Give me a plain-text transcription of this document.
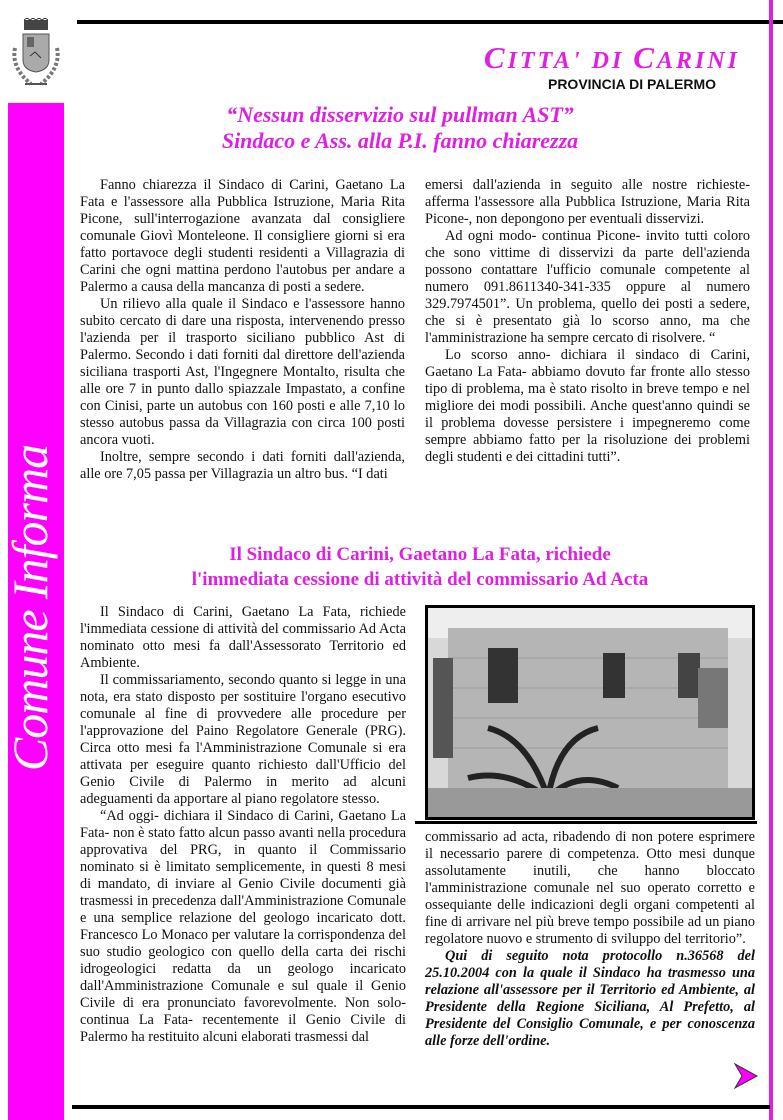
Comune Informa
CITTA' DI CARINI
PROVINCIA DI PALERMO
“Nessun disservizio sul pullman AST”
Sindaco e Ass. alla P.I. fanno chiarezza

Fanno chiarezza il Sindaco di Carini, Gaetano La Fata e l'assessore alla Pubblica Istruzione, Maria Rita Picone, sull'interrogazione avanzata dal consigliere comunale Giovì Monteleone. Il consigliere giorni si era fatto portavoce degli studenti residenti a Villagrazia di Carini che ogni mattina perdono l'autobus per andare a Palermo a causa della mancanza di posti a sedere.

Un rilievo alla quale il Sindaco e l'assessore hanno subito cercato di dare una risposta, intervenendo presso l'azienda per il trasporto siciliano pubblico Ast di Palermo. Secondo i dati forniti dal direttore dell'azienda siciliana trasporti Ast, l'Ingegnere Montalto, risulta che alle ore 7 in punto dallo spiazzale Impastato, a confine con Cinisi, parte un autobus con 160 posti e alle 7,10 lo stesso autobus passa da Villagrazia con circa 100 posti ancora vuoti.

Inoltre, sempre secondo i dati forniti dall'azienda, alle ore 7,05 passa per Villagrazia un altro bus. “I dati

emersi dall'azienda in seguito alle nostre richieste- afferma l'assessore alla Pubblica Istruzione, Maria Rita Picone-, non depongono per eventuali disservizi.

Ad ogni modo- continua Picone- invito tutti coloro che sono vittime di disservizi da parte dell'azienda possono contattare l'ufficio comunale competente al numero 091.8611340-341-335 oppure al numero 329.7974501”. Un problema, quello dei posti a sedere, che si è presentato già lo scorso anno, ma che l'amministrazione ha sempre cercato di risolvere. “

Lo scorso anno- dichiara il sindaco di Carini, Gaetano La Fata- abbiamo dovuto far fronte allo stesso tipo di problema, ma è stato risolto in breve tempo e nel migliore dei modi possibili. Anche quest'anno quindi se il problema dovesse persistere i impegneremo come sempre abbiamo fatto per la risoluzione dei problemi degli studenti e dei cittadini tutti”.

Il Sindaco di Carini, Gaetano La Fata, richiede
l'immediata cessione di attività del commissario Ad Acta

Il Sindaco di Carini, Gaetano La Fata, richiede l'immediata cessione di attività del commissario Ad Acta nominato otto mesi fa dall'Assessorato Territorio ed Ambiente.

Il commissariamento, secondo quanto si legge in una nota, era stato disposto per sostituire l'organo esecutivo comunale al fine di provvedere alle procedure per l'approvazione del Paino Regolatore Generale (PRG). Circa otto mesi fa l'Amministrazione Comunale si era attivata per eseguire quanto richiesto dall'Ufficio del Genio Civile di Palermo in merito ad alcuni adeguamenti da apportare al piano regolatore stesso.

“Ad oggi- dichiara il Sindaco di Carini, Gaetano La Fata- non è stato fatto alcun passo avanti nella procedura approvativa del PRG, in quanto il Commissario nominato si è limitato semplicemente, in questi 8 mesi di mandato, di inviare al Genio Civile documenti già trasmessi in precedenza dall'Amministrazione Comunale e una semplice relazione del geologo incaricato dott. Francesco Lo Monaco per valutare la corrispondenza del suo studio geologico con quello della carta dei rischi idrogeologici redatta da un geologo incaricato dall'Amministrazione Comunale e sul quale il Genio Civile di era pronunciato favorevolmente. Non solo- continua La Fata- recentemente il Genio Civile di Palermo ha restituito alcuni elaborati trasmessi dal

commissario ad acta, ribadendo di non potere esprimere il necessario parere di competenza. Otto mesi dunque assolutamente inutili, che hanno bloccato l'amministrazione comunale nel suo operato corretto e ossequiante delle indicazioni degli organi competenti al fine di arrivare nel più breve tempo possibile ad un piano regolatore nuovo e strumento di sviluppo del territorio”.

Qui di seguito nota protocollo n.36568 del 25.10.2004 con la quale il Sindaco ha trasmesso una relazione all'assessore per il Territorio ed Ambiente, al Presidente della Regione Siciliana, Al Prefetto, al Presidente del Consiglio Comunale, e per conoscenza alle forze dell'ordine.
